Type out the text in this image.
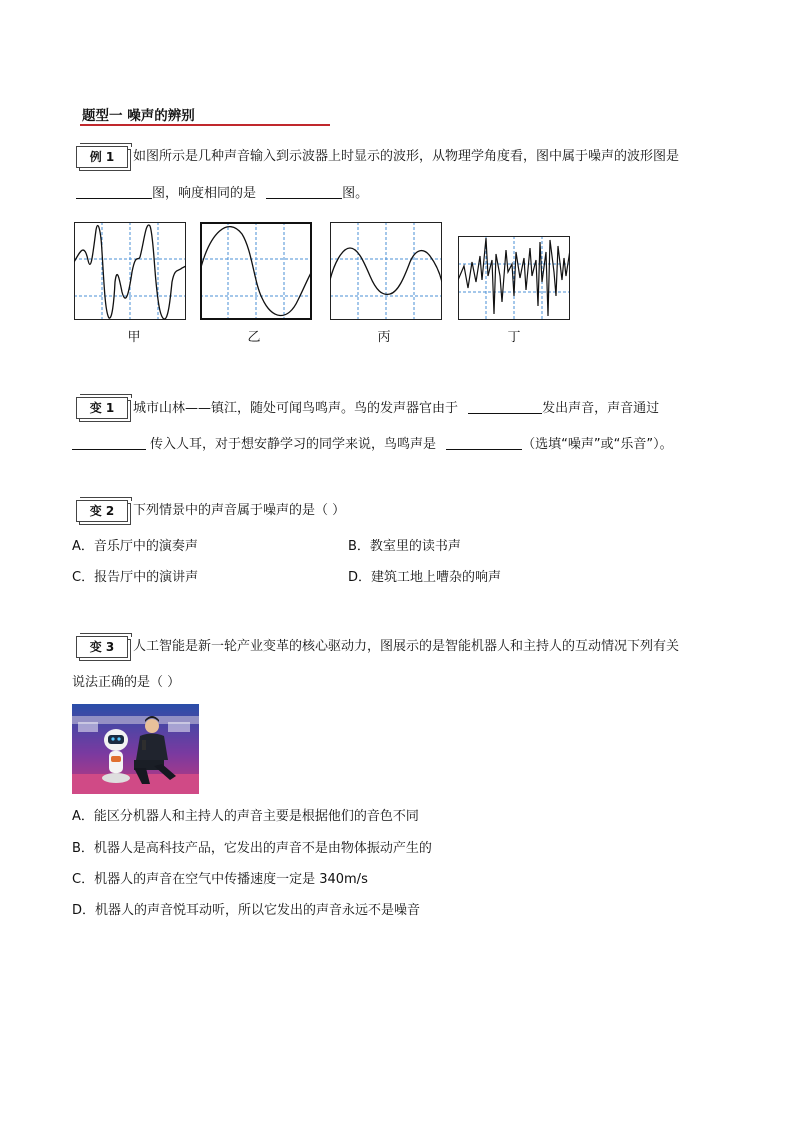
题型一 噪声的辨别
例 1	如图所示是几种声音输入到示波器上时显示的波形，从物理学角度看，图中属于噪声的波形图是
图，响度相同的是	图。
甲	乙	丙	丁
变 1	城市山林——镇江，随处可闻鸟鸣声。鸟的发声器官由于	发出声音，声音通过
传入人耳，对于想安静学习的同学来说，鸟鸣声是	（选填“噪声”或“乐音”）。
变 2	下列情景中的声音属于噪声的是（ ）
A．音乐厅中的演奏声	B．教室里的读书声
C．报告厅中的演讲声	D．建筑工地上嘈杂的响声
变 3	人工智能是新一轮产业变革的核心驱动力，图展示的是智能机器人和主持人的互动情况下列有关
说法正确的是（ ）
A．能区分机器人和主持人的声音主要是根据他们的音色不同
B．机器人是高科技产品，它发出的声音不是由物体振动产生的
C．机器人的声音在空气中传播速度一定是 340m/s
D．机器人的声音悦耳动听，所以它发出的声音永远不是噪音
